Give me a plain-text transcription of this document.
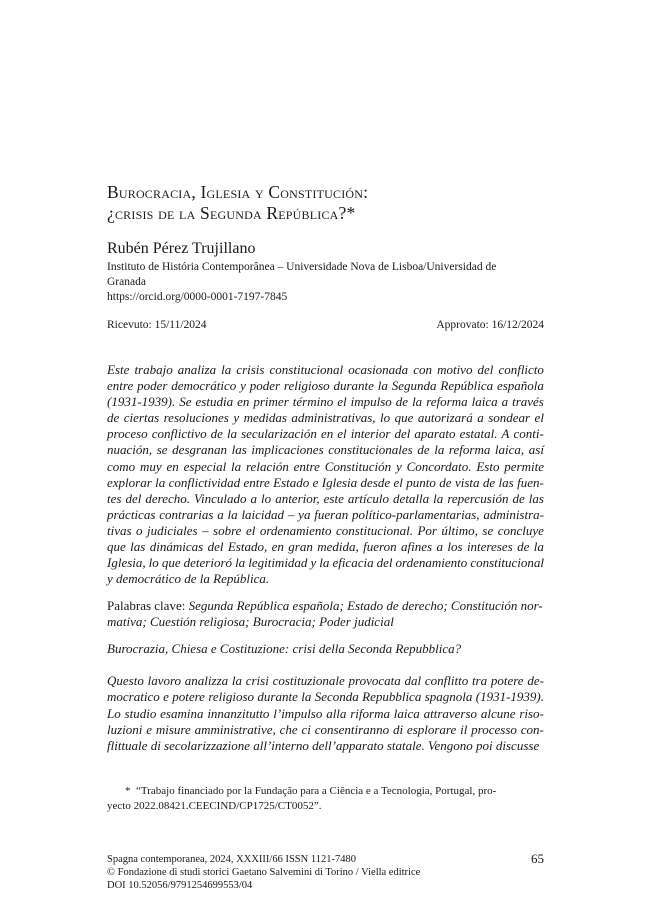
Burocracia, Iglesia y Constitución:
¿crisis de la Segunda República?*
Rubén Pérez Trujillano
Instituto de História Contemporânea – Universidade Nova de Lisboa/Universidad de
Granada
https://orcid.org/0000-0001-7197-7845
Ricevuto: 15/11/2024	Approvato: 16/12/2024
Este trabajo analiza la crisis constitucional ocasionada con motivo del conflicto
entre poder democrático y poder religioso durante la Segunda República española
(1931-1939). Se estudia en primer término el impulso de la reforma laica a través
de ciertas resoluciones y medidas administrativas, lo que autorizará a sondear el
proceso conflictivo de la secularización en el interior del aparato estatal. A conti-
nuación, se desgranan las implicaciones constitucionales de la reforma laica, así
como muy en especial la relación entre Constitución y Concordato. Esto permite
explorar la conflictividad entre Estado e Iglesia desde el punto de vista de las fuen-
tes del derecho. Vinculado a lo anterior, este artículo detalla la repercusión de las
prácticas contrarias a la laicidad – ya fueran político-parlamentarias, administra-
tivas o judiciales – sobre el ordenamiento constitucional. Por último, se concluye
que las dinámicas del Estado, en gran medida, fueron afines a los intereses de la
Iglesia, lo que deterioró la legitimidad y la eficacia del ordenamiento constitucional
y democrático de la República.
Palabras clave: Segunda República española; Estado de derecho; Constitución nor-
mativa; Cuestión religiosa; Burocracia; Poder judicial
Burocrazia, Chiesa e Costituzione: crisi della Seconda Repubblica?
Questo lavoro analizza la crisi costituzionale provocata dal conflitto tra potere de-
mocratico e potere religioso durante la Seconda Repubblica spagnola (1931-1939).
Lo studio esamina innanzitutto l’impulso alla riforma laica attraverso alcune riso-
luzioni e misure amministrative, che ci consentiranno di esplorare il processo con-
flittuale di secolarizzazione all’interno dell’apparato statale. Vengono poi discusse
* “Trabajo financiado por la Fundação para a Ciência e a Tecnologia, Portugal, pro-
yecto 2022.08421.CEECIND/CP1725/CT0052”.
Spagna contemporanea, 2024, XXXIII/66 ISSN 1121-7480
© Fondazione di studi storici Gaetano Salvemini di Torino / Viella editrice
DOI 10.52056/9791254699553/04
65
